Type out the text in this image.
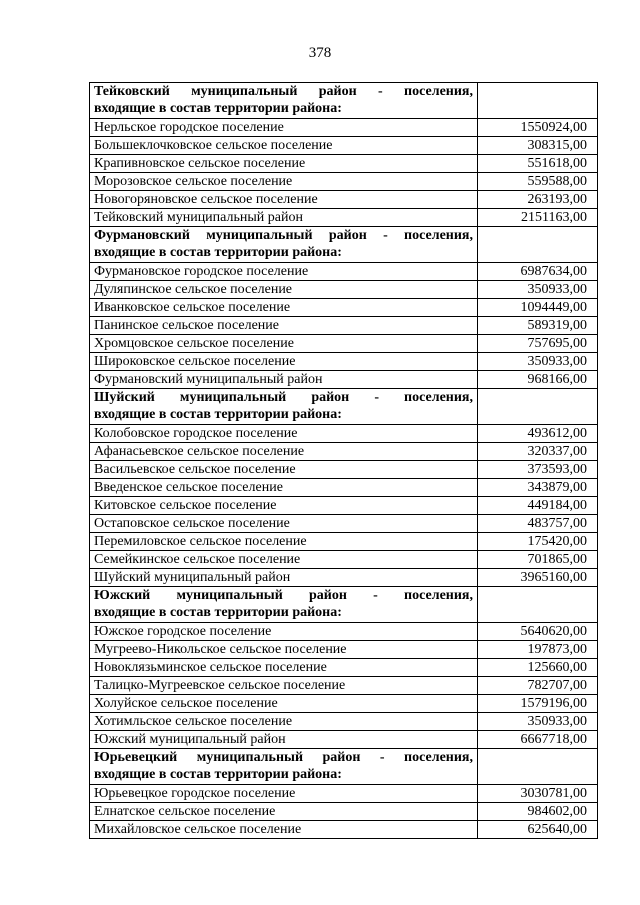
378
Тейковский муниципальный район - поселения,
входящие в состав территории района:	

Нерльское городское поселение	1550924,00
Большеклочковское сельское поселение	308315,00
Крапивновское сельское поселение	551618,00
Морозовское сельское поселение	559588,00
Новогоряновское сельское поселение	263193,00
Тейковский муниципальный район	2151163,00

Фурмановский муниципальный район - поселения,
входящие в состав территории района:	

Фурмановское городское поселение	6987634,00
Дуляпинское сельское поселение	350933,00
Иванковское сельское поселение	1094449,00
Панинское сельское поселение	589319,00
Хромцовское сельское поселение	757695,00
Широковское сельское поселение	350933,00
Фурмановский муниципальный район	968166,00

Шуйский муниципальный район - поселения,
входящие в состав территории района:	

Колобовское городское поселение	493612,00
Афанасьевское сельское поселение	320337,00
Васильевское сельское поселение	373593,00
Введенское сельское поселение	343879,00
Китовское сельское поселение	449184,00
Остаповское сельское поселение	483757,00
Перемиловское сельское поселение	175420,00
Семейкинское сельское поселение	701865,00
Шуйский муниципальный район	3965160,00

Южский муниципальный район - поселения,
входящие в состав территории района:	

Южское городское поселение	5640620,00
Мугреево-Никольское сельское поселение	197873,00
Новоклязьминское сельское поселение	125660,00
Талицко-Мугреевское сельское поселение	782707,00
Холуйское сельское поселение	1579196,00
Хотимльское сельское поселение	350933,00
Южский муниципальный район	6667718,00

Юрьевецкий муниципальный район - поселения,
входящие в состав территории района:	

Юрьевецкое городское поселение	3030781,00
Елнатское сельское поселение	984602,00
Михайловское сельское поселение	625640,00
